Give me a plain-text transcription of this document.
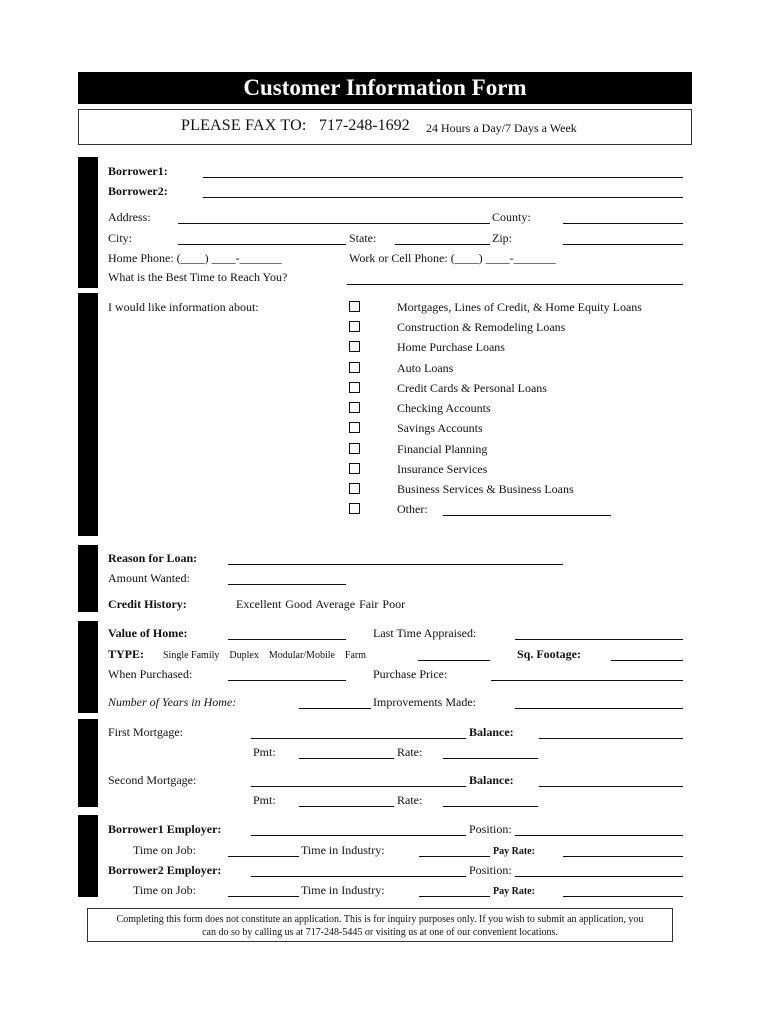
Customer Information Form
PLEASE FAX TO: 717-248-1692 24 Hours a Day/7 Days a Week
Borrower1:
Borrower2:
Address:	County:
City:	State:	Zip:
Home Phone: (____) ____-_______	Work or Cell Phone: (____) ____-_______
What is the Best Time to Reach You?
I would like information about:	Mortgages, Lines of Credit, & Home Equity Loans
Construction & Remodeling Loans
Home Purchase Loans
Auto Loans
Credit Cards & Personal Loans
Checking Accounts
Savings Accounts
Financial Planning
Insurance Services
Business Services & Business Loans
Other:
Reason for Loan:
Amount Wanted:
Credit History:	Excellent Good Average Fair Poor
Value of Home:	Last Time Appraised:
TYPE: Single Family    Duplex    Modular/Mobile    Farm	Sq. Footage:
When Purchased:	Purchase Price:
Number of Years in Home:	Improvements Made:
First Mortgage:	Balance:
Pmt:	Rate:
Second Mortgage:	Balance:
Pmt:	Rate:
Borrower1 Employer:	Position:
Time on Job:	Time in Industry:	Pay Rate:
Borrower2 Employer:	Position:
Time on Job:	Time in Industry:	Pay Rate:
Completing this form does not constitute an application. This is for inquiry purposes only. If you wish to submit an application, you
can do so by calling us at 717-248-5445 or visiting us at one of our convenient locations.
